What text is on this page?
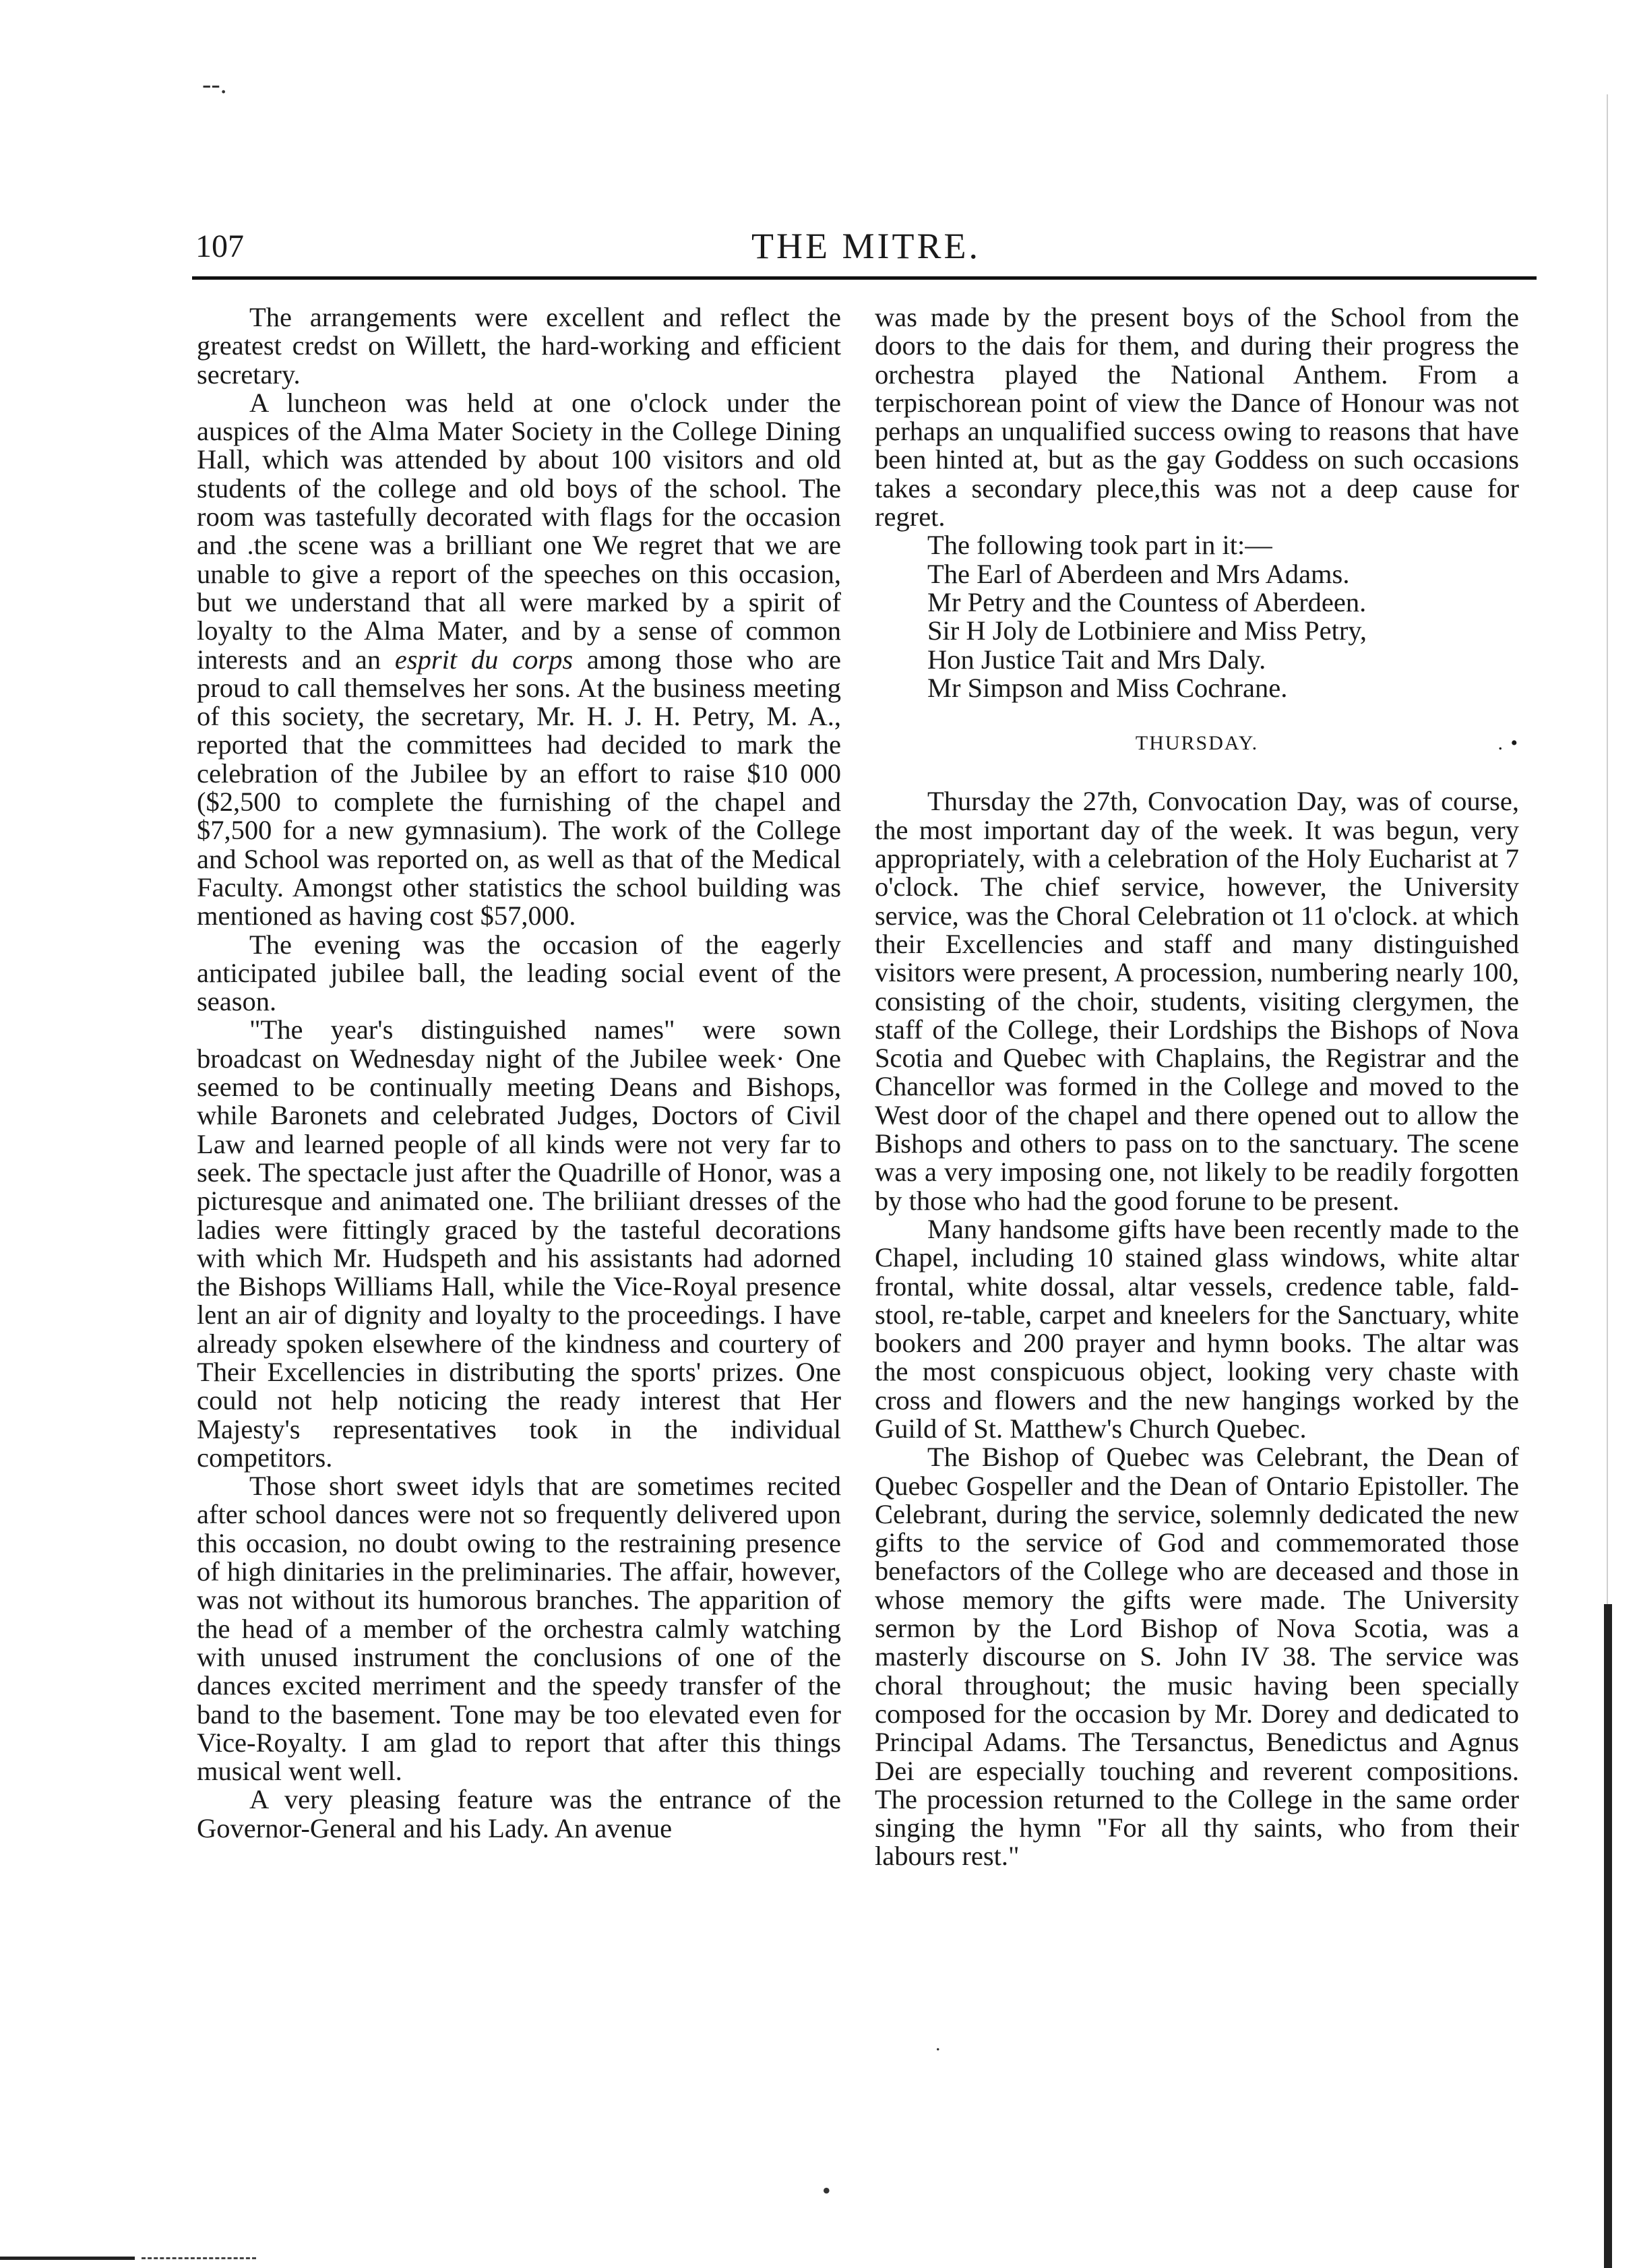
--.
107	THE MITRE.

The arrangements were excellent and reflect the greatest credst on Willett, the hard-working and efficient secretary.

A luncheon was held at one o'clock under the auspices of the Alma Mater Society in the College Dining Hall, which was attended by about 100 visitors and old students of the college and old boys of the school. The room was tastefully decorated with flags for the occasion and .the scene was a brilliant one We regret that we are unable to give a report of the speeches on this occasion, but we understand that all were marked by a spirit of loyalty to the Alma Mater, and by a sense of common interests and an esprit du corps among those who are proud to call themselves her sons. At the business meeting of this society, the secretary, Mr. H. J. H. Petry, M. A., reported that the committees had decided to mark the celebration of the Jubilee by an effort to raise $10 000 ($2,500 to complete the furnishing of the chapel and $7,500 for a new gymnasium). The work of the College and School was reported on, as well as that of the Medical Faculty. Amongst other statistics the school building was mentioned as having cost $57,000.

The evening was the occasion of the eagerly anticipated jubilee ball, the leading social event of the season.

"The year's distinguished names" were sown broadcast on Wednesday night of the Jubilee week· One seemed to be continually meeting Deans and Bishops, while Baronets and celebrated Judges, Doctors of Civil Law and learned people of all kinds were not very far to seek. The spectacle just after the Quadrille of Honor, was a picturesque and animated one. The briliiant dresses of the ladies were fittingly graced by the tasteful decorations with which Mr. Hudspeth and his assistants had adorned the Bishops Williams Hall, while the Vice-Royal presence lent an air of dignity and loyalty to the proceedings. I have already spoken elsewhere of the kindness and courtery of Their Excellencies in distributing the sports' prizes. One could not help noticing the ready interest that Her Majesty's representatives took in the individual competitors.

Those short sweet idyls that are sometimes recited after school dances were not so frequently delivered upon this occasion, no doubt owing to the restraining presence of high dinitaries in the preliminaries. The affair, however, was not without its humorous branches. The apparition of the head of a member of the orchestra calmly watching with unused instrument the conclusions of one of the dances excited merriment and the speedy transfer of the band to the basement. Tone may be too elevated even for Vice-Royalty. I am glad to report that after this things musical went well.

A very pleasing feature was the entrance of the Governor-General and his Lady. An avenue

was made by the present boys of the School from the doors to the dais for them, and during their progress the orchestra played the National Anthem. From a terpischorean point of view the Dance of Honour was not perhaps an unqualified success owing to reasons that have been hinted at, but as the gay Goddess on such occasions takes a secondary plece,this was not a deep cause for regret.

The following took part in it:—

The Earl of Aberdeen and Mrs Adams.
Mr Petry and the Countess of Aberdeen.
Sir H Joly de Lotbiniere and Miss Petry,
Hon Justice Tait and Mrs Daly.
Mr Simpson and Miss Cochrane.
THURSDAY.	. •

Thursday the 27th, Convocation Day, was of course, the most important day of the week. It was begun, very appropriately, with a celebration of the Holy Eucharist at 7 o'clock. The chief service, however, the University service, was the Choral Celebration ot 11 o'clock. at which their Excellencies and staff and many distinguished visitors were present, A procession, numbering nearly 100, consisting of the choir, students, visiting clergymen, the staff of the College, their Lordships the Bishops of Nova Scotia and Quebec with Chaplains, the Registrar and the Chancellor was formed in the College and moved to the West door of the chapel and there opened out to allow the Bishops and others to pass on to the sanctuary. The scene was a very imposing one, not likely to be readily forgotten by those who had the good forune to be present.

Many handsome gifts have been recently made to the Chapel, including 10 stained glass windows, white altar frontal, white dossal, altar vessels, credence table, fald-stool, re-table, carpet and kneelers for the Sanctuary, white bookers and 200 prayer and hymn books. The altar was the most conspicuous object, looking very chaste with cross and flowers and the new hangings worked by the Guild of St. Matthew's Church Quebec.

The Bishop of Quebec was Celebrant, the Dean of Quebec Gospeller and the Dean of Ontario Epistoller. The Celebrant, during the service, solemnly dedicated the new gifts to the service of God and commemorated those benefactors of the College who are deceased and those in whose memory the gifts were made. The University sermon by the Lord Bishop of Nova Scotia, was a masterly discourse on S. John IV 38. The service was choral throughout; the music having been specially composed for the occasion by Mr. Dorey and dedicated to Principal Adams. The Tersanctus, Benedictus and Agnus Dei are especially touching and reverent compositions. The procession returned to the College in the same order singing the hymn "For all thy saints, who from their labours rest."

.
•
